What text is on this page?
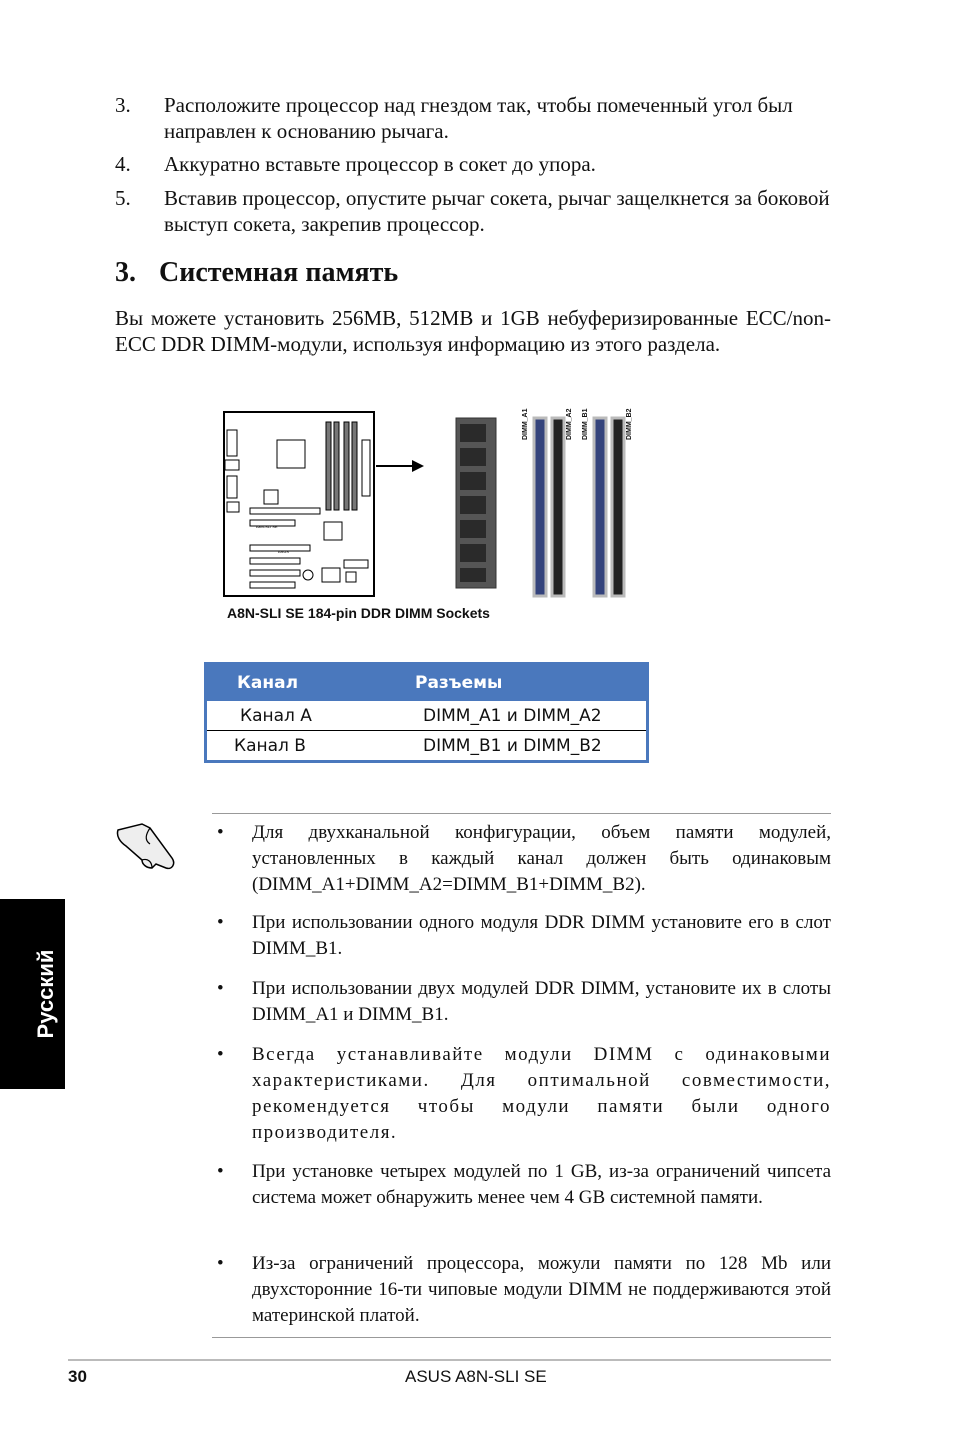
3. Расположите процессор над гнездом так, чтобы помеченный угол был направлен к основанию рычага.
4. Аккуратно вставьте процессор в сокет до упора.
5. Вставив процессор, опустите рычаг сокета, рычаг защелкнется за боковой выступ сокета, закрепив процессор.
3. Системная память
Вы можете установить 256MB, 512MB и 1GB небуферизированные ECC/non-ECC DDR DIMM-модули, используя информацию из этого раздела.
A8N-SLI SE
ASUS
DIMM_A1	DIMM_A2 DIMM_B1	DIMM_B2
A8N-SLI SE 184-pin DDR DIMM Sockets
Канал	Разъемы
Канал A	DIMM_A1 и DIMM_A2
Канал B	DIMM_B1 и DIMM_B2
• Для двухканальной конфигурации, объем памяти модулей, установленных в каждый канал должен быть одинаковым (DIMM_A1+DIMM_A2=DIMM_B1+DIMM_B2).
• При использовании одного модуля DDR DIMM установите его в слот DIMM_B1.
• При использовании двух модулей DDR DIMM, установите их в слоты DIMM_A1 и DIMM_B1.
• Всегда устанавливайте модули DIMM с одинаковыми характеристиками. Для оптимальной совместимости, рекомендуется чтобы модули памяти были одного производителя.
• При установке четырех модулей по 1 GB, из-за ограничений чипсета система может обнаружить менее чем 4 GB системной памяти.
• Из-за ограничений процессора, можули памяти по 128 Mb или двухсторонние 16-ти чиповые модули DIMM не поддерживаются этой материнской платой.
Русский
30	ASUS A8N-SLI SE
